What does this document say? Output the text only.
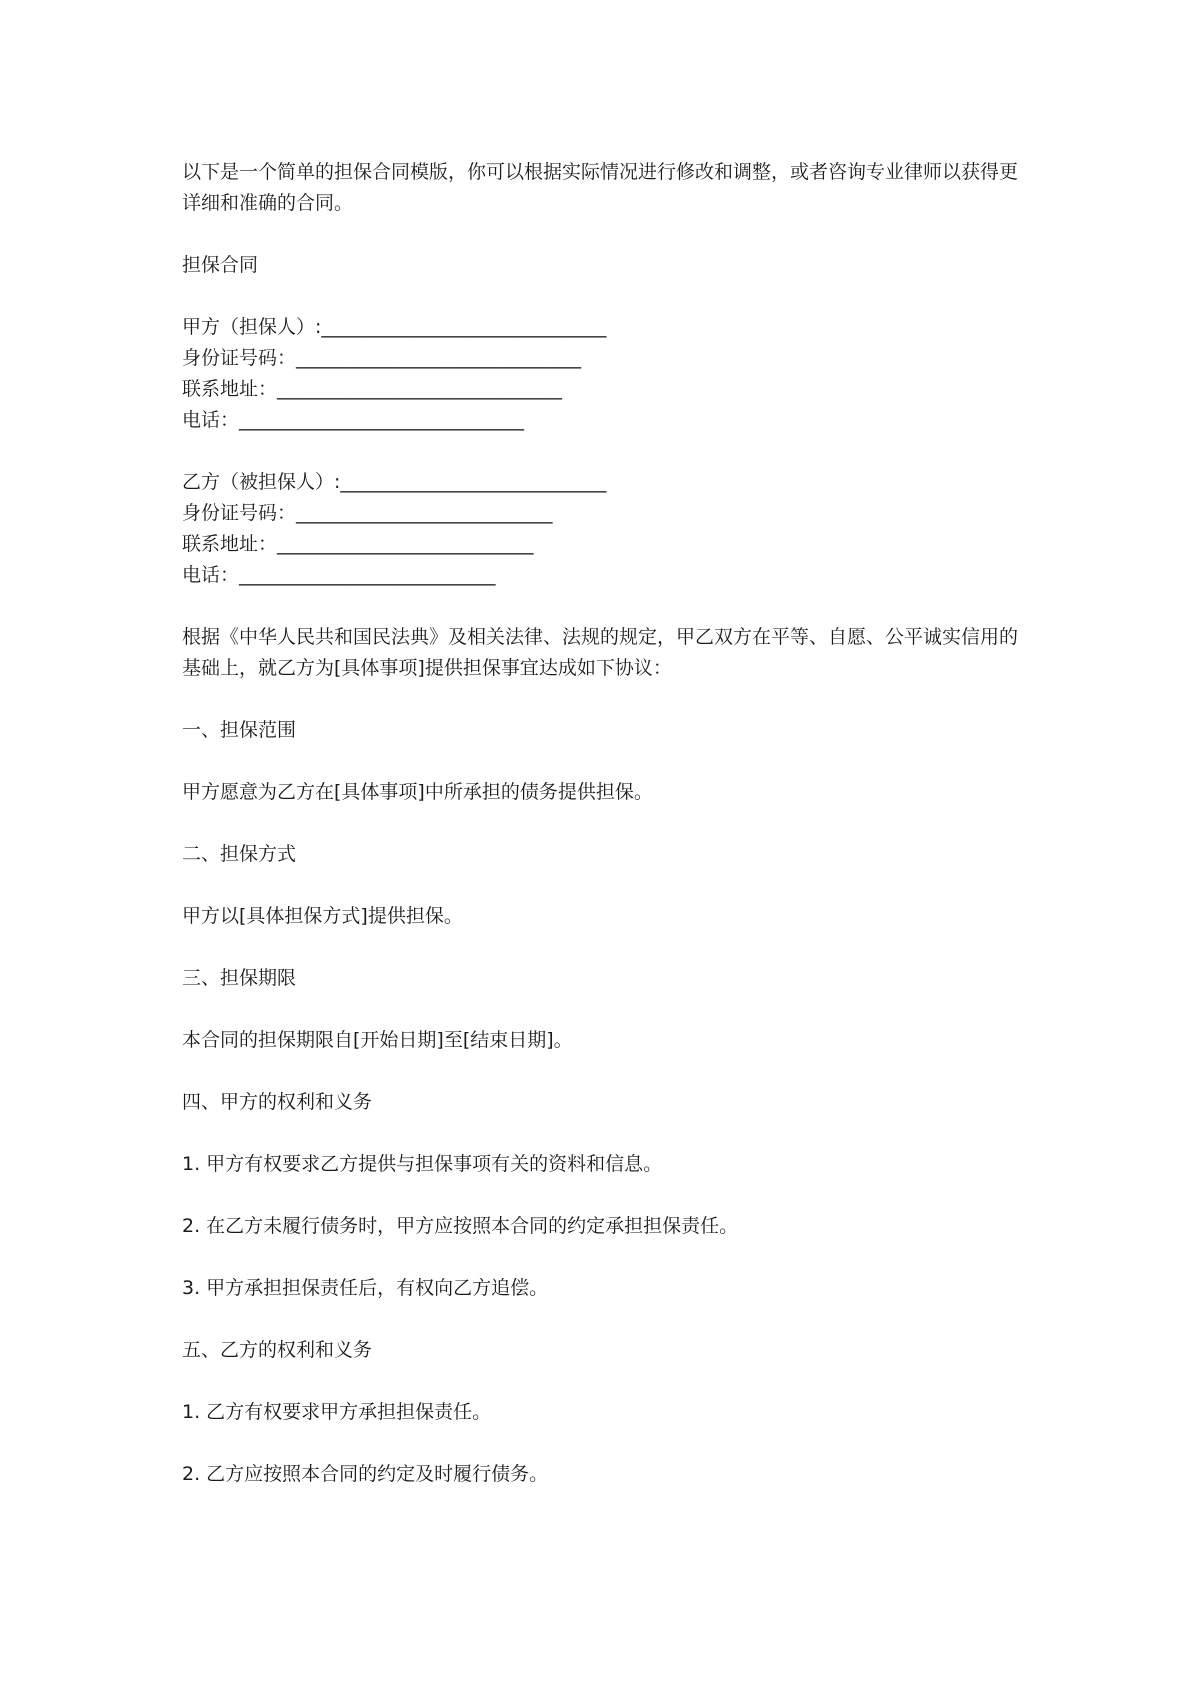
以下是一个简单的担保合同模版，你可以根据实际情况进行修改和调整，或者咨询专业律师以获得更详细和准确的合同。

担保合同

甲方（担保人）:______________________________

身份证号码：______________________________

联系地址：______________________________

电话：______________________________

乙方（被担保人）:____________________________

身份证号码：___________________________

联系地址：___________________________

电话：___________________________

根据《中华人民共和国民法典》及相关法律、法规的规定，甲乙双方在平等、自愿、公平诚实信用的基础上，就乙方为[具体事项]提供担保事宜达成如下协议：

一、担保范围

甲方愿意为乙方在[具体事项]中所承担的债务提供担保。

二、担保方式

甲方以[具体担保方式]提供担保。

三、担保期限

本合同的担保期限自[开始日期]至[结束日期]。

四、甲方的权利和义务

1. 甲方有权要求乙方提供与担保事项有关的资料和信息。

2. 在乙方未履行债务时，甲方应按照本合同的约定承担担保责任。

3. 甲方承担担保责任后，有权向乙方追偿。

五、乙方的权利和义务

1. 乙方有权要求甲方承担担保责任。

2. 乙方应按照本合同的约定及时履行债务。
